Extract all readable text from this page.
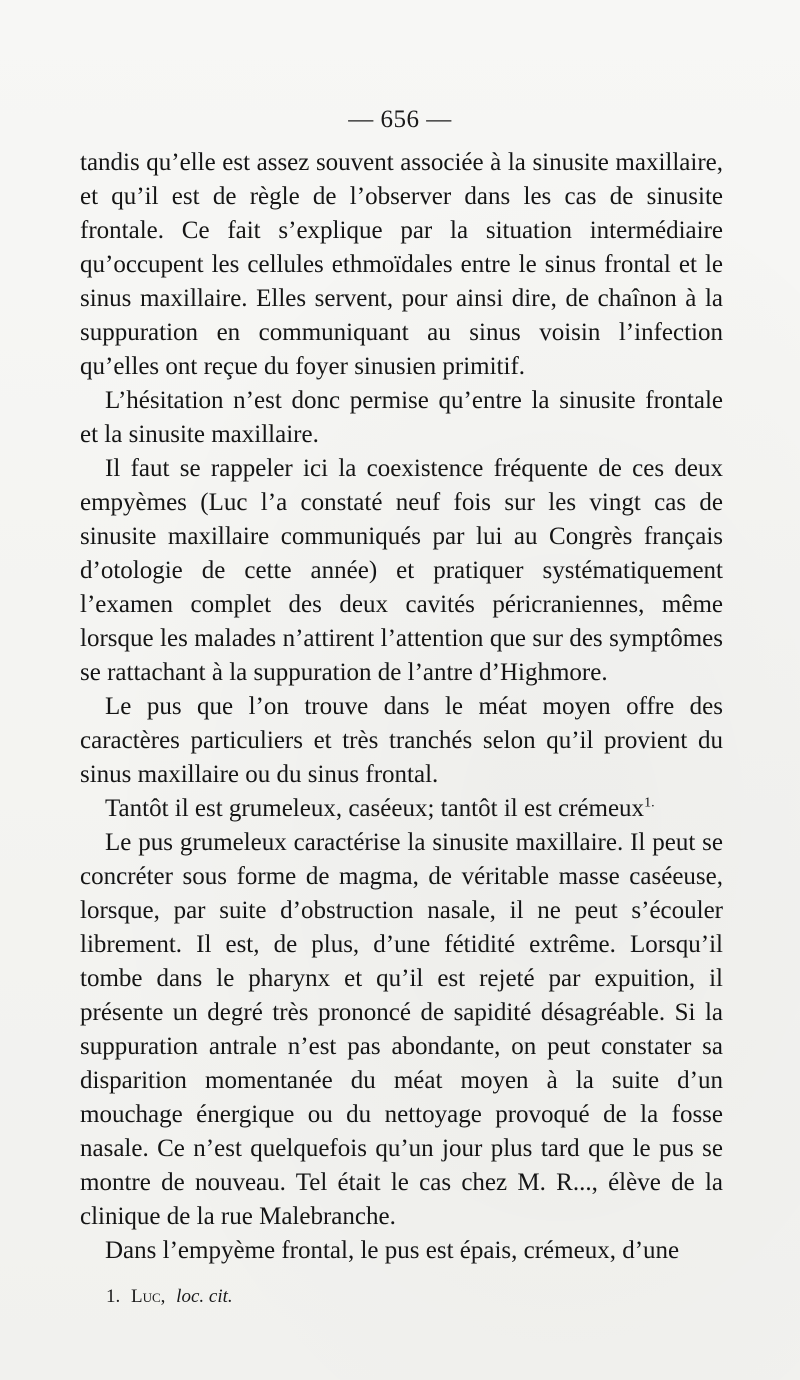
— 656 —

tandis qu’elle est assez souvent associée à la sinusite maxillaire, et qu’il est de règle de l’observer dans les cas de sinusite frontale. Ce fait s’explique par la situation intermédiaire qu’occupent les cellules ethmoïdales entre le sinus frontal et le sinus maxillaire. Elles servent, pour ainsi dire, de chaînon à la suppuration en communiquant au sinus voisin l’infection qu’elles ont reçue du foyer sinusien primitif.

L’hésitation n’est donc permise qu’entre la sinusite frontale et la sinusite maxillaire.

Il faut se rappeler ici la coexistence fréquente de ces deux empyèmes (Luc l’a constaté neuf fois sur les vingt cas de sinusite maxillaire communiqués par lui au Congrès français d’otologie de cette année) et pratiquer systématiquement l’examen complet des deux cavités péricraniennes, même lorsque les malades n’attirent l’attention que sur des symptômes se rattachant à la suppuration de l’antre d’Highmore.

Le pus que l’on trouve dans le méat moyen offre des caractères particuliers et très tranchés selon qu’il provient du sinus maxillaire ou du sinus frontal.

Tantôt il est grumeleux, caséeux; tantôt il est crémeux$^{1.}$

Le pus grumeleux caractérise la sinusite maxillaire. Il peut se concréter sous forme de magma, de véritable masse caséeuse, lorsque, par suite d’obstruction nasale, il ne peut s’écouler librement. Il est, de plus, d’une fétidité extrême. Lorsqu’il tombe dans le pharynx et qu’il est rejeté par expuition, il présente un degré très prononcé de sapidité désagréable. Si la suppuration antrale n’est pas abondante, on peut constater sa disparition momentanée du méat moyen à la suite d’un mouchage énergique ou du nettoyage provoqué de la fosse nasale. Ce n’est quelquefois qu’un jour plus tard que le pus se montre de nouveau. Tel était le cas chez M. R..., élève de la clinique de la rue Malebranche.

Dans l’empyème frontal, le pus est épais, crémeux, d’une

1. Luc, loc. cit.
